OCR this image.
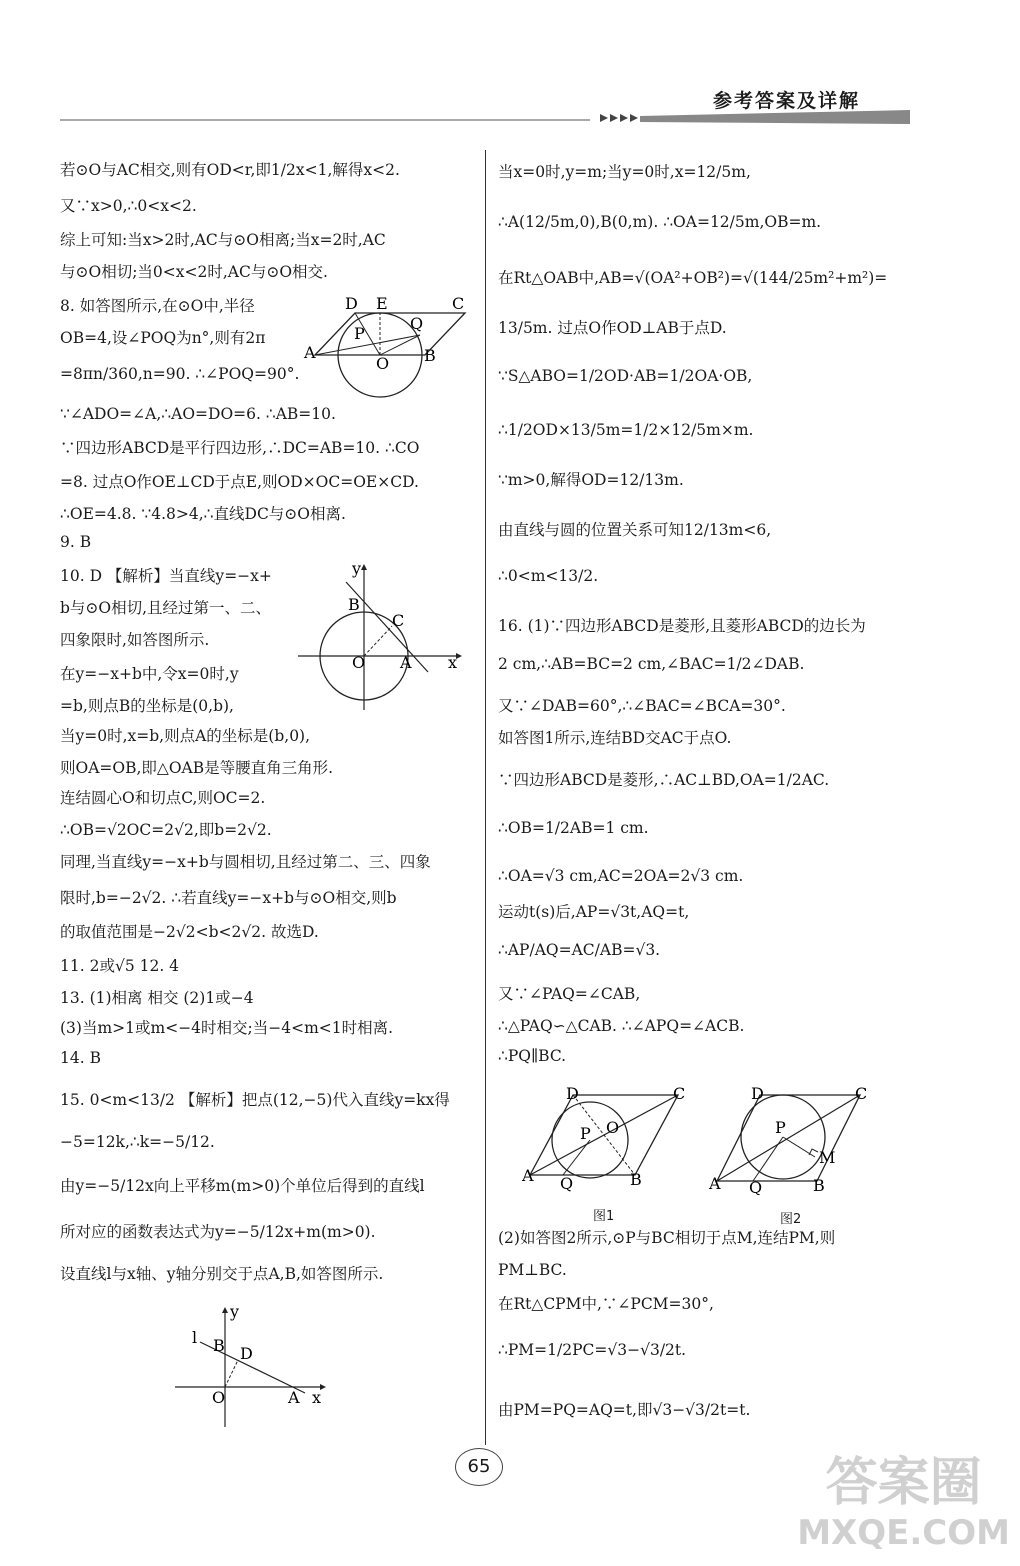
参考答案及详解
若⊙O与AC相交,则有OD<r,即1/2x<1,解得x<2.
又∵x>0,∴0<x<2.
综上可知:当x>2时,AC与⊙O相离;当x=2时,AC
与⊙O相切;当0<x<2时,AC与⊙O相交.
8. 如答图所示,在⊙O中,半径
OB=4,设∠POQ为n°,则有2π
=8πn/360,n=90. ∴∠POQ=90°.
∵∠ADO=∠A,∴AO=DO=6. ∴AB=10.
∵四边形ABCD是平行四边形,∴DC=AB=10. ∴CO
=8. 过点O作OE⊥CD于点E,则OD×OC=OE×CD.
∴OE=4.8. ∵4.8>4,∴直线DC与⊙O相离.
9. B
10. D 【解析】当直线y=−x+
b与⊙O相切,且经过第一、二、
四象限时,如答图所示.
在y=−x+b中,令x=0时,y
=b,则点B的坐标是(0,b),
当y=0时,x=b,则点A的坐标是(b,0),
则OA=OB,即△OAB是等腰直角三角形.
连结圆心O和切点C,则OC=2.
∴OB=√2OC=2√2,即b=2√2.
同理,当直线y=−x+b与圆相切,且经过第二、三、四象
限时,b=−2√2. ∴若直线y=−x+b与⊙O相交,则b
的取值范围是−2√2<b<2√2. 故选D.
11. 2或√5 12. 4
13. (1)相离 相交 (2)1或−4
(3)当m>1或m<−4时相交;当−4<m<1时相离.
14. B
15. 0<m<13/2 【解析】把点(12,−5)代入直线y=kx得
−5=12k,∴k=−5/12.
由y=−5/12x向上平移m(m>0)个单位后得到的直线l
所对应的函数表达式为y=−5/12x+m(m>0).
设直线l与x轴、y轴分别交于点A,B,如答图所示.
D E	C
P
Q
A	B
O
y
B
C
O A x
y
l B D
O	A x
当x=0时,y=m;当y=0时,x=12/5m,
∴A(12/5m,0),B(0,m). ∴OA=12/5m,OB=m.
在Rt△OAB中,AB=√(OA²+OB²)=√(144/25m²+m²)=
13/5m. 过点O作OD⊥AB于点D.
∵S△ABO=1/2OD·AB=1/2OA·OB,
∴1/2OD×13/5m=1/2×12/5m×m.
∵m>0,解得OD=12/13m.
由直线与圆的位置关系可知12/13m<6,
∴0<m<13/2.
16. (1)∵四边形ABCD是菱形,且菱形ABCD的边长为
2 cm,∴AB=BC=2 cm,∠BAC=1/2∠DAB.
又∵∠DAB=60°,∴∠BAC=∠BCA=30°.
如答图1所示,连结BD交AC于点O.
∵四边形ABCD是菱形,∴AC⊥BD,OA=1/2AC.
∴OB=1/2AB=1 cm.
∴OA=√3 cm,AC=2OA=2√3 cm.
运动t(s)后,AP=√3t,AQ=t,
∴AP/AQ=AC/AB=√3.
又∵∠PAQ=∠CAB,
∴△PAQ∽△CAB. ∴∠APQ=∠ACB.
∴PQ∥BC.
(2)如答图2所示,⊙P与BC相切于点M,连结PM,则
PM⊥BC.
在Rt△CPM中,∵∠PCM=30°,
∴PM=1/2PC=√3−√3/2t.
由PM=PQ=AQ=t,即√3−√3/2t=t.
D	C
P O
A Q	B
图1
D	C
P
M
A Q	B
图2
65	答案圈
MXQE.COM
